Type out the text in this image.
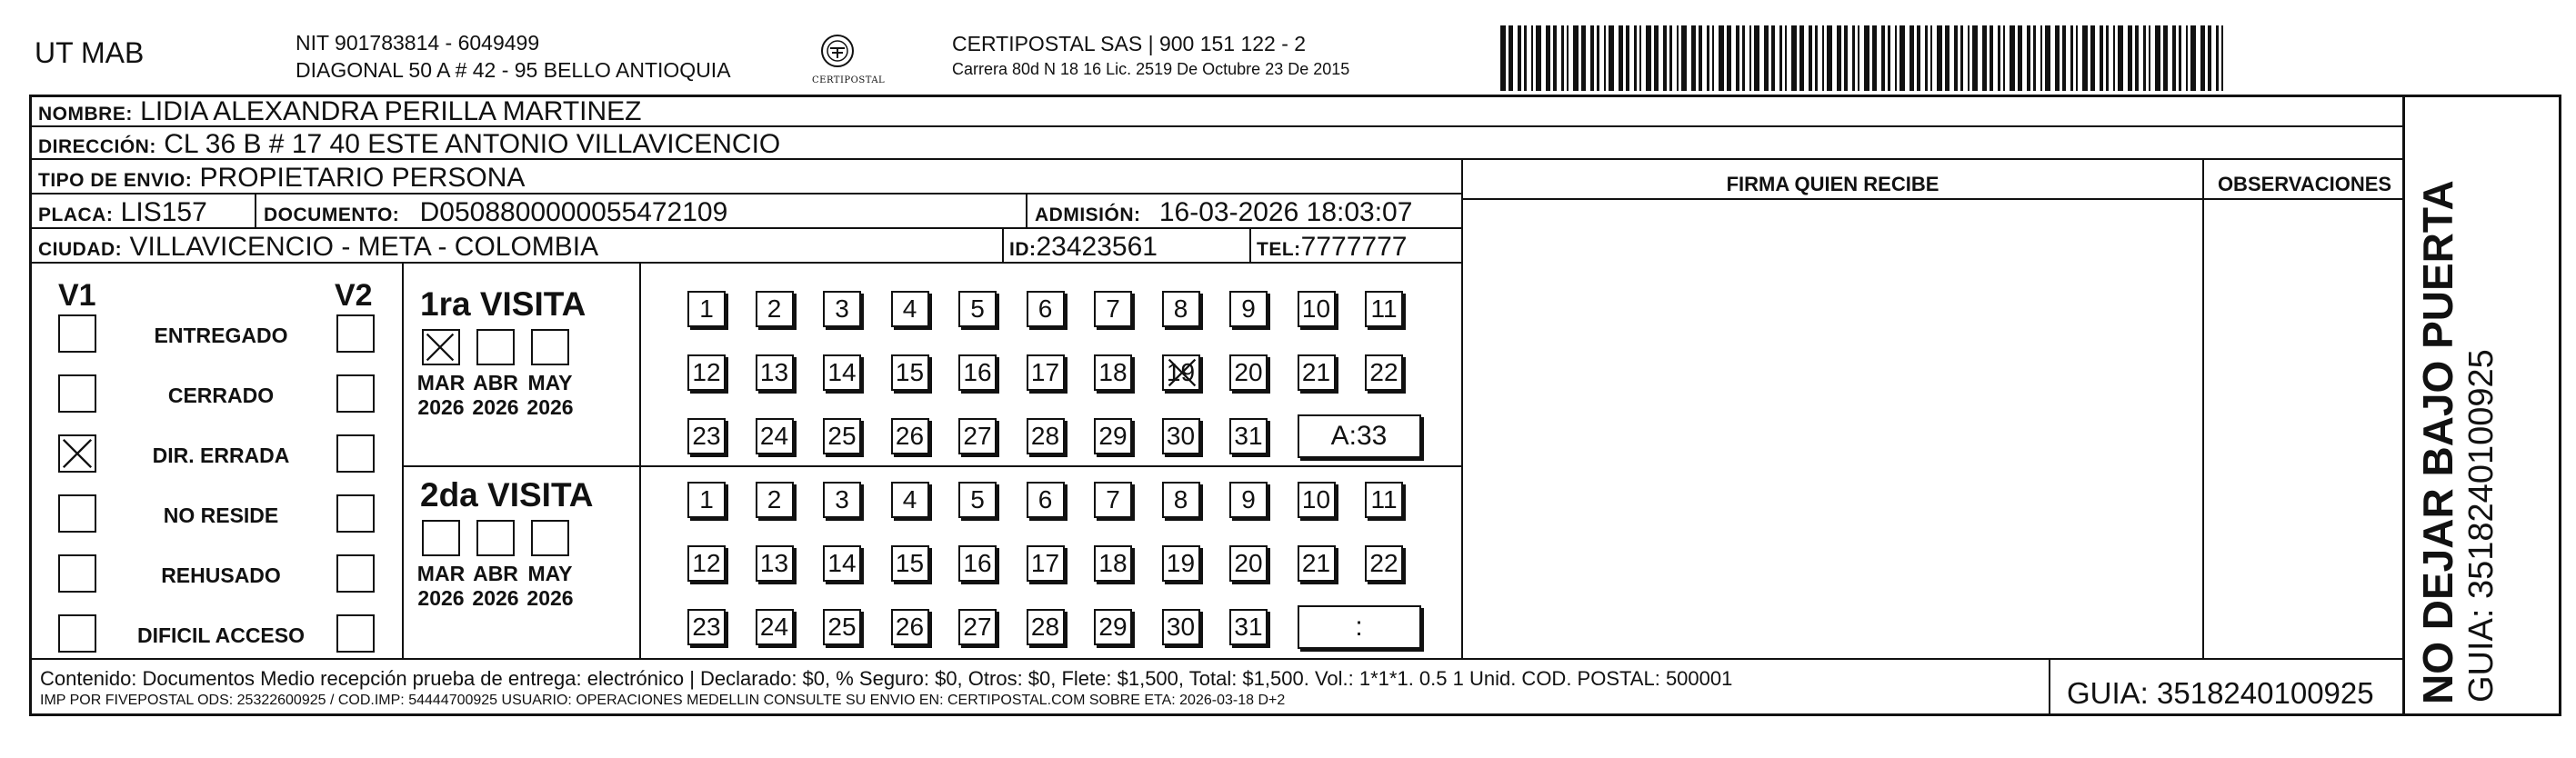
UT MAB	NIT 901783814 - 6049499
DIAGONAL 50 A # 42 - 95 BELLO ANTIOQUIA	CERTIPOSTAL
CERTIPOSTAL SAS | 900 151 122 - 2
Carrera 80d N 18 16 Lic. 2519 De Octubre 23 De 2015
NOMBRE: LIDIA ALEXANDRA PERILLA MARTINEZ
DIRECCIÓN: CL 36 B # 17 40 ESTE ANTONIO VILLAVICENCIO
TIPO DE ENVIO: PROPIETARIO PERSONA
PLACA: LIS157	DOCUMENTO: D0508800000055472109	ADMISIÓN: 16-03-2026 18:03:07
CIUDAD: VILLAVICENCIO - META - COLOMBIA	ID:23423561	TEL:7777777
FIRMA QUIEN RECIBE	OBSERVACIONES
V1	V2
ENTREGADO
CERRADO
DIR. ERRADA
NO RESIDE
REHUSADO
DIFICIL ACCESO
1ra VISITA
2da VISITA
MAR
2026
ABR
2026
MAY
2026
1	2	3	4	5	6	7	8	9	10 11
12 13 14 15 16 17 18 19 20 21 22
23 24 25 26 27 28 29 30 31	A:33
MAR
2026
ABR
2026
MAY
2026
1	2	3	4	5	6	7	8	9	10 11
12 13 14 15 16 17 18 19 20 21 22
23 24 25 26 27 28 29 30 31	:
Contenido: Documentos Medio recepción prueba de entrega: electrónico | Declarado: $0, % Seguro: $0, Otros: $0, Flete: $1,500, Total: $1,500. Vol.: 1*1*1. 0.5 1 Unid. COD. POSTAL: 500001
IMP POR FIVEPOSTAL ODS: 25322600925 / COD.IMP: 54444700925 USUARIO: OPERACIONES MEDELLIN CONSULTE SU ENVIO EN: CERTIPOSTAL.COM SOBRE ETA: 2026-03-18 D+2	GUIA: 3518240100925 NO DEJAR BAJO PUERTA GUIA: 3518240100925
